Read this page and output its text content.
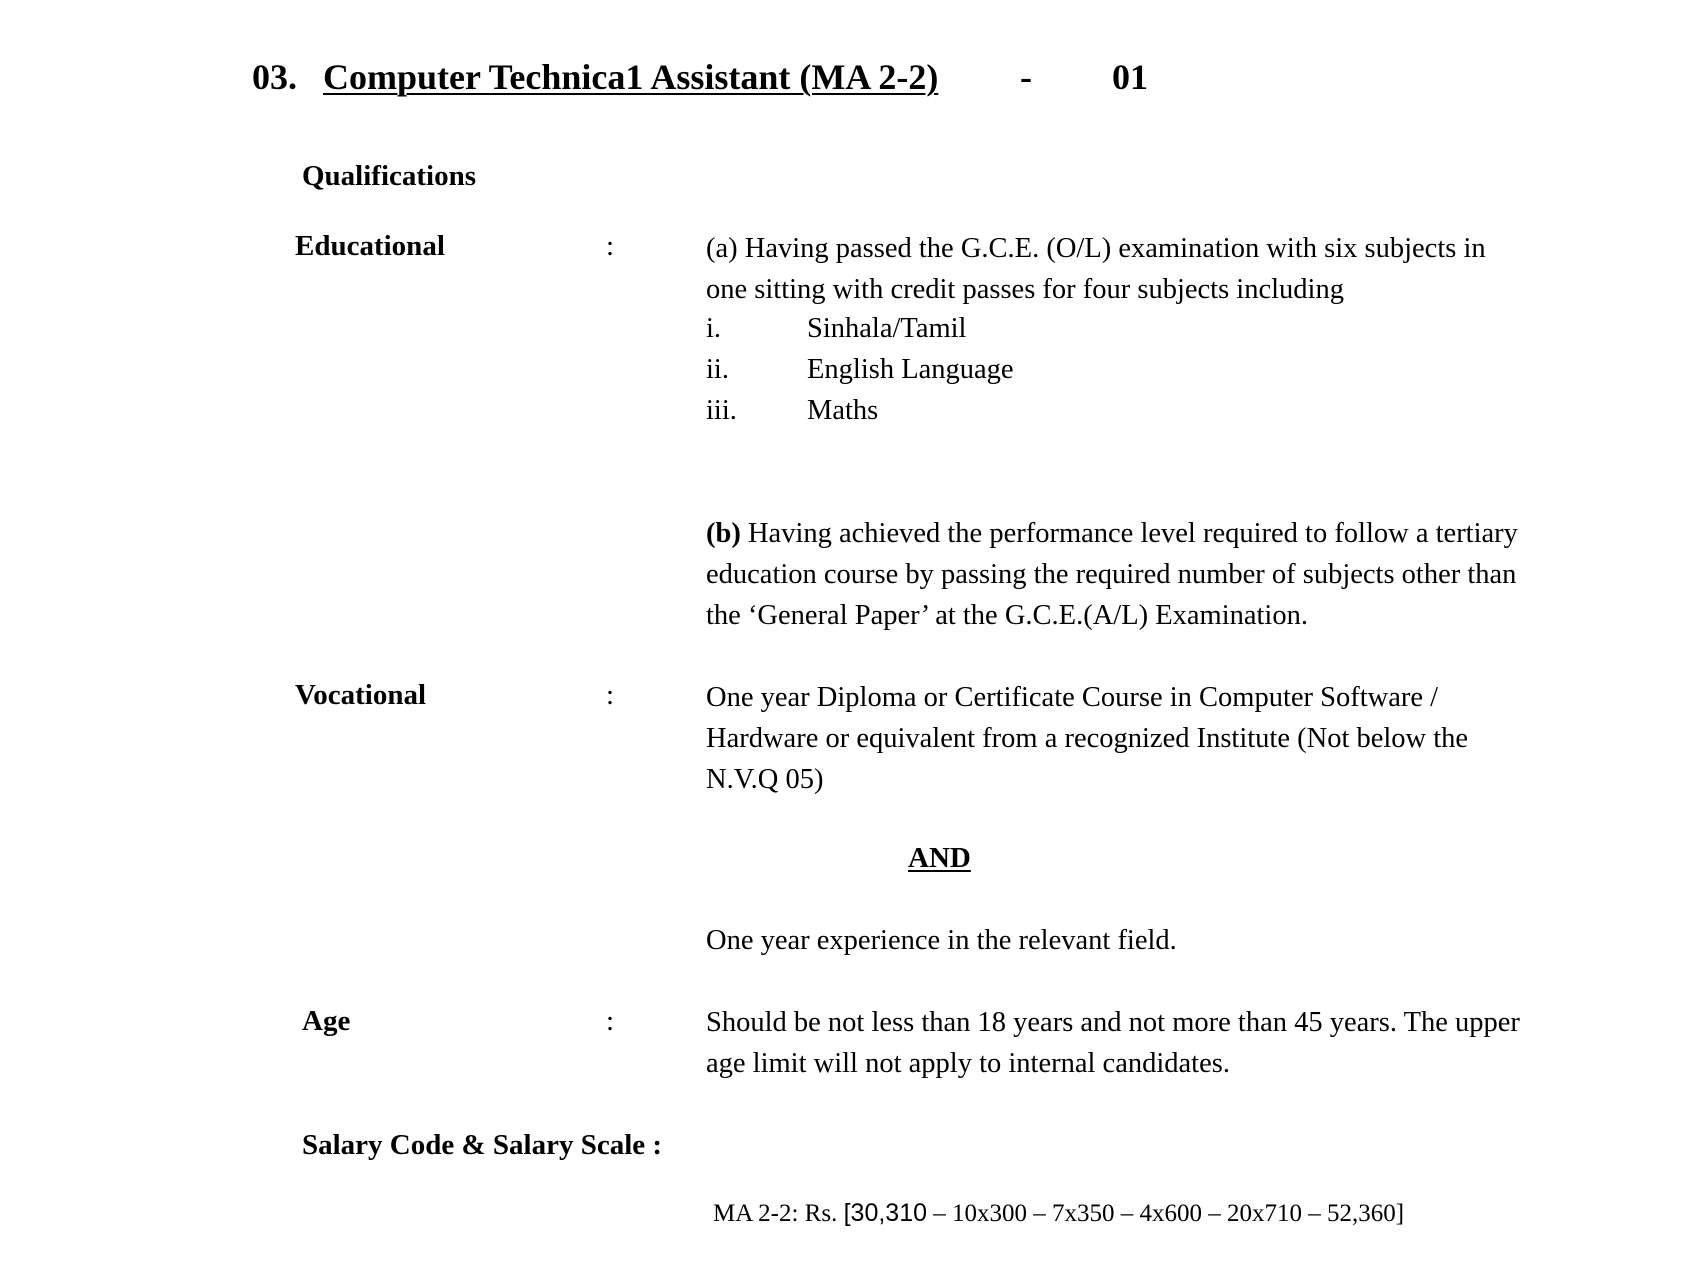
03. Computer Technica1 Assistant (MA 2-2) - 01
Qualifications
Educational	:	(a) Having passed the G.C.E. (O/L) examination with six subjects in
one sitting with credit passes for four subjects including
i.	Sinhala/Tamil
ii.	English Language
iii. Maths
(b) Having achieved the performance level required to follow a tertiary
education course by passing the required number of subjects other than
the ‘General Paper’ at the G.C.E.(A/L) Examination.
Vocational	:	One year Diploma or Certificate Course in Computer Software /
Hardware or equivalent from a recognized Institute (Not below the
N.V.Q 05)
AND
One year experience in the relevant field.
Age	:	Should be not less than 18 years and not more than 45 years. The upper
age limit will not apply to internal candidates.
Salary Code & Salary Scale :
MA 2-2: Rs. [30,310 – 10x300 – 7x350 – 4x600 – 20x710 – 52,360]
